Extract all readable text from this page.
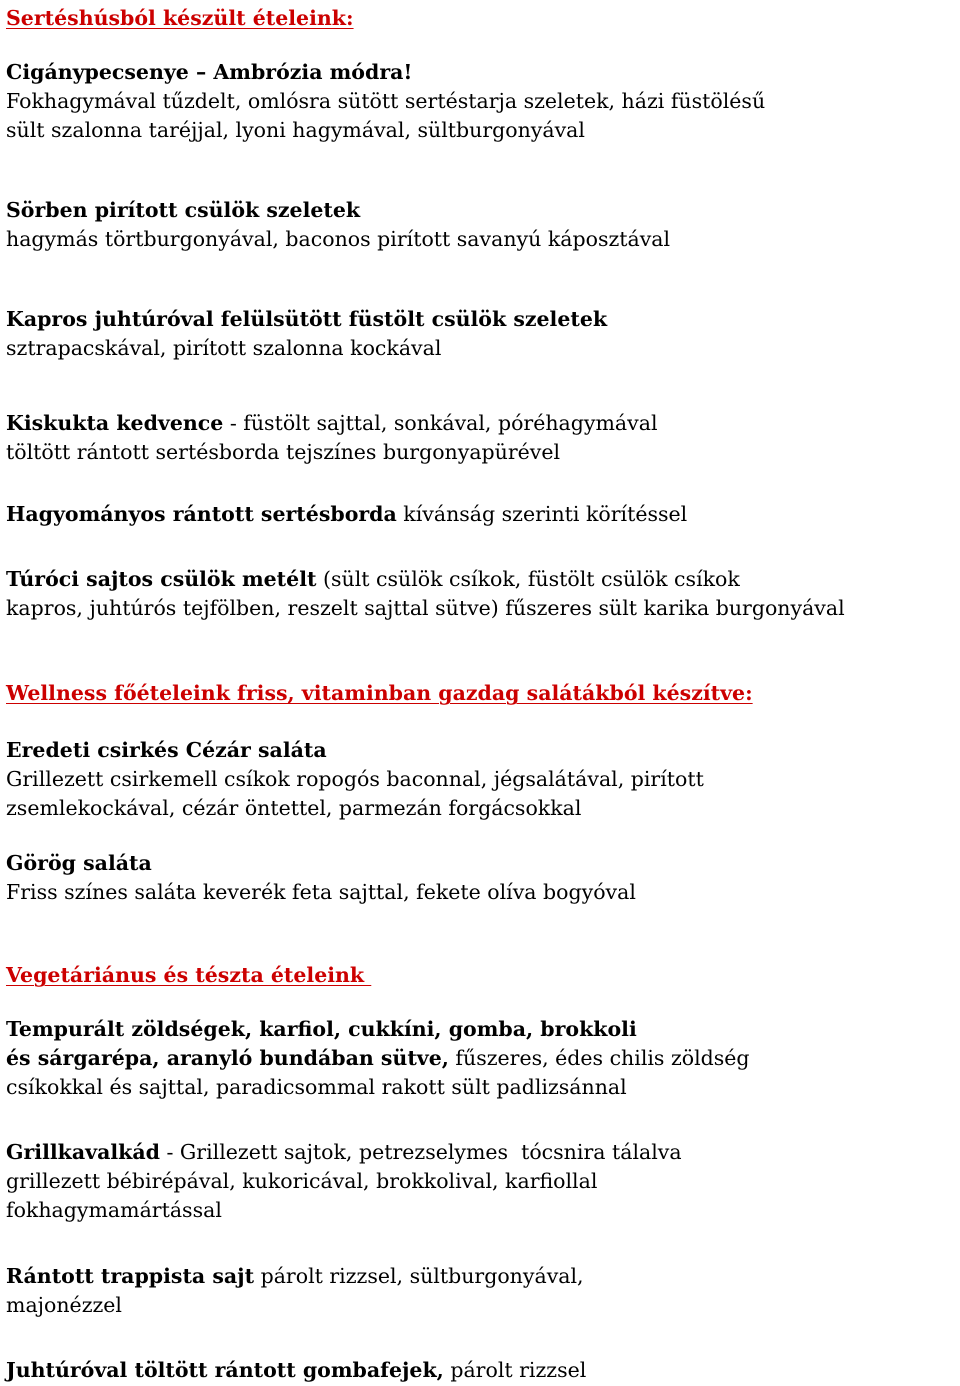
Sertéshúsból készült ételeink:

Cigánypecsenye – Ambrózia módra!
Fokhagymával tűzdelt, omlósra sütött sertéstarja szeletek, házi füstölésű
sült szalonna taréjjal, lyoni hagymával, sültburgonyával

Sörben pirított csülök szeletek
hagymás törtburgonyával, baconos pirított savanyú káposztával

Kapros juhtúróval felülsütött füstölt csülök szeletek
sztrapacskával, pirított szalonna kockával

Kiskukta kedvence - füstölt sajttal, sonkával, póréhagymával
töltött rántott sertésborda tejszínes burgonyapürével

Hagyományos rántott sertésborda kívánság szerinti körítéssel

Túróci sajtos csülök metélt (sült csülök csíkok, füstölt csülök csíkok
kapros, juhtúrós tejfölben, reszelt sajttal sütve) fűszeres sült karika burgonyával

Wellness főételeink friss, vitaminban gazdag salátákból készítve:

Eredeti csirkés Cézár saláta
Grillezett csirkemell csíkok ropogós baconnal, jégsalátával, pirított
zsemlekockával, cézár öntettel, parmezán forgácsokkal

Görög saláta
Friss színes saláta keverék feta sajttal, fekete olíva bogyóval

Vegetáriánus és tészta ételeink

Tempurált zöldségek, karfiol, cukkíni, gomba, brokkoli
és sárgarépa, aranyló bundában sütve, fűszeres, édes chilis zöldség
csíkokkal és sajttal, paradicsommal rakott sült padlizsánnal

Grillkavalkád - Grillezett sajtok, petrezselymes  tócsnira tálalva
grillezett bébirépával, kukoricával, brokkolival, karfiollal
fokhagymamártással

Rántott trappista sajt párolt rizzsel, sültburgonyával,
majonézzel

Juhtúróval töltött rántott gombafejek, párolt rizzsel
